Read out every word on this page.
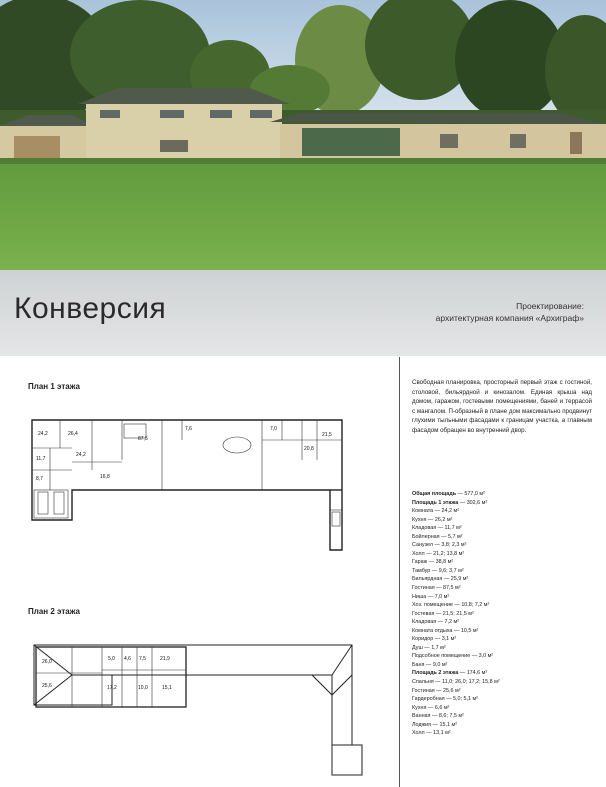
Конверсия	Проектирование:
архитектурная компания «Архиграф»
План 1 этажа
24,2	26,4
87,5
7,6	7,0
21,5
11,7
24,2
8,7	16,8
20,8
План 2 этажа
26,0
25,6	17,2	10,0
5,0 4,6 7,5	21,9
15,1
Свободная планировка, просторный первый этаж с гостиной, столовой, бильярдной и кинозалом. Единая крыша над домом, гаражом, гостевыми помещениями, баней и террасой с мангалом. П-образный в плане дом максимально продвинут глухими тыльными фасадами к границам участка, а главным фасадом обращен во внутренний двор.
Общая площадь — 577,0 м²
Площадь 1 этажа — 302,6 м²
Комната — 24,2 м²
Кухня — 26,2 м²
Кладовая — 11,7 м²
Бойлерная — 5,7 м²
Санузел — 3,8; 2,3 м²
Холл — 21,2; 13,8 м²
Гараж — 38,8 м²
Тамбур — 9,6; 3,7 м²
Бильярдная — 25,9 м²
Гостиная — 87,5 м²
Ниша — 7,0 м²
Хоз. помещение — 10,8; 7,2 м²
Гостевая — 21,5; 21,5 м²
Кладовая — 7,2 м²
Комната отдыха — 10,5 м²
Коридор — 3,1 м²
Душ — 1,7 м²
Подсобное помещение — 3,0 м²
Баня — 9,0 м²
Площадь 2 этажа — 174,6 м²
Спальня — 11,0; 26,0; 17,2; 15,8 м²
Гостиная — 25,6 м²
Гардеробная — 5,0; 5,1 м²
Кухня — 6,6 м²
Ванная — 8,6; 7,5 м²
Лоджия — 15,1 м²
Холл — 13,1 м²
